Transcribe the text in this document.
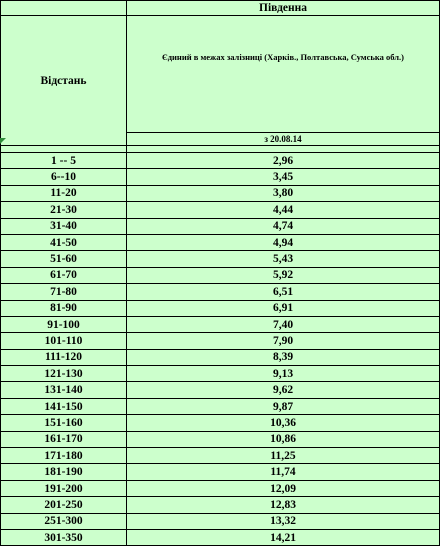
	Південна
Відстань	Єдиний в межах залізниці (Харків., Полтавська, Сумська обл.)
	з 20.08.14

1 -- 5	2,96
6--10	3,45
11-20	3,80
21-30	4,44
31-40	4,74
41-50	4,94
51-60	5,43
61-70	5,92
71-80	6,51
81-90	6,91
91-100	7,40
101-110	7,90
111-120	8,39
121-130	9,13
131-140	9,62
141-150	9,87
151-160	10,36
161-170	10,86
171-180	11,25
181-190	11,74
191-200	12,09
201-250	12,83
251-300	13,32
301-350	14,21
